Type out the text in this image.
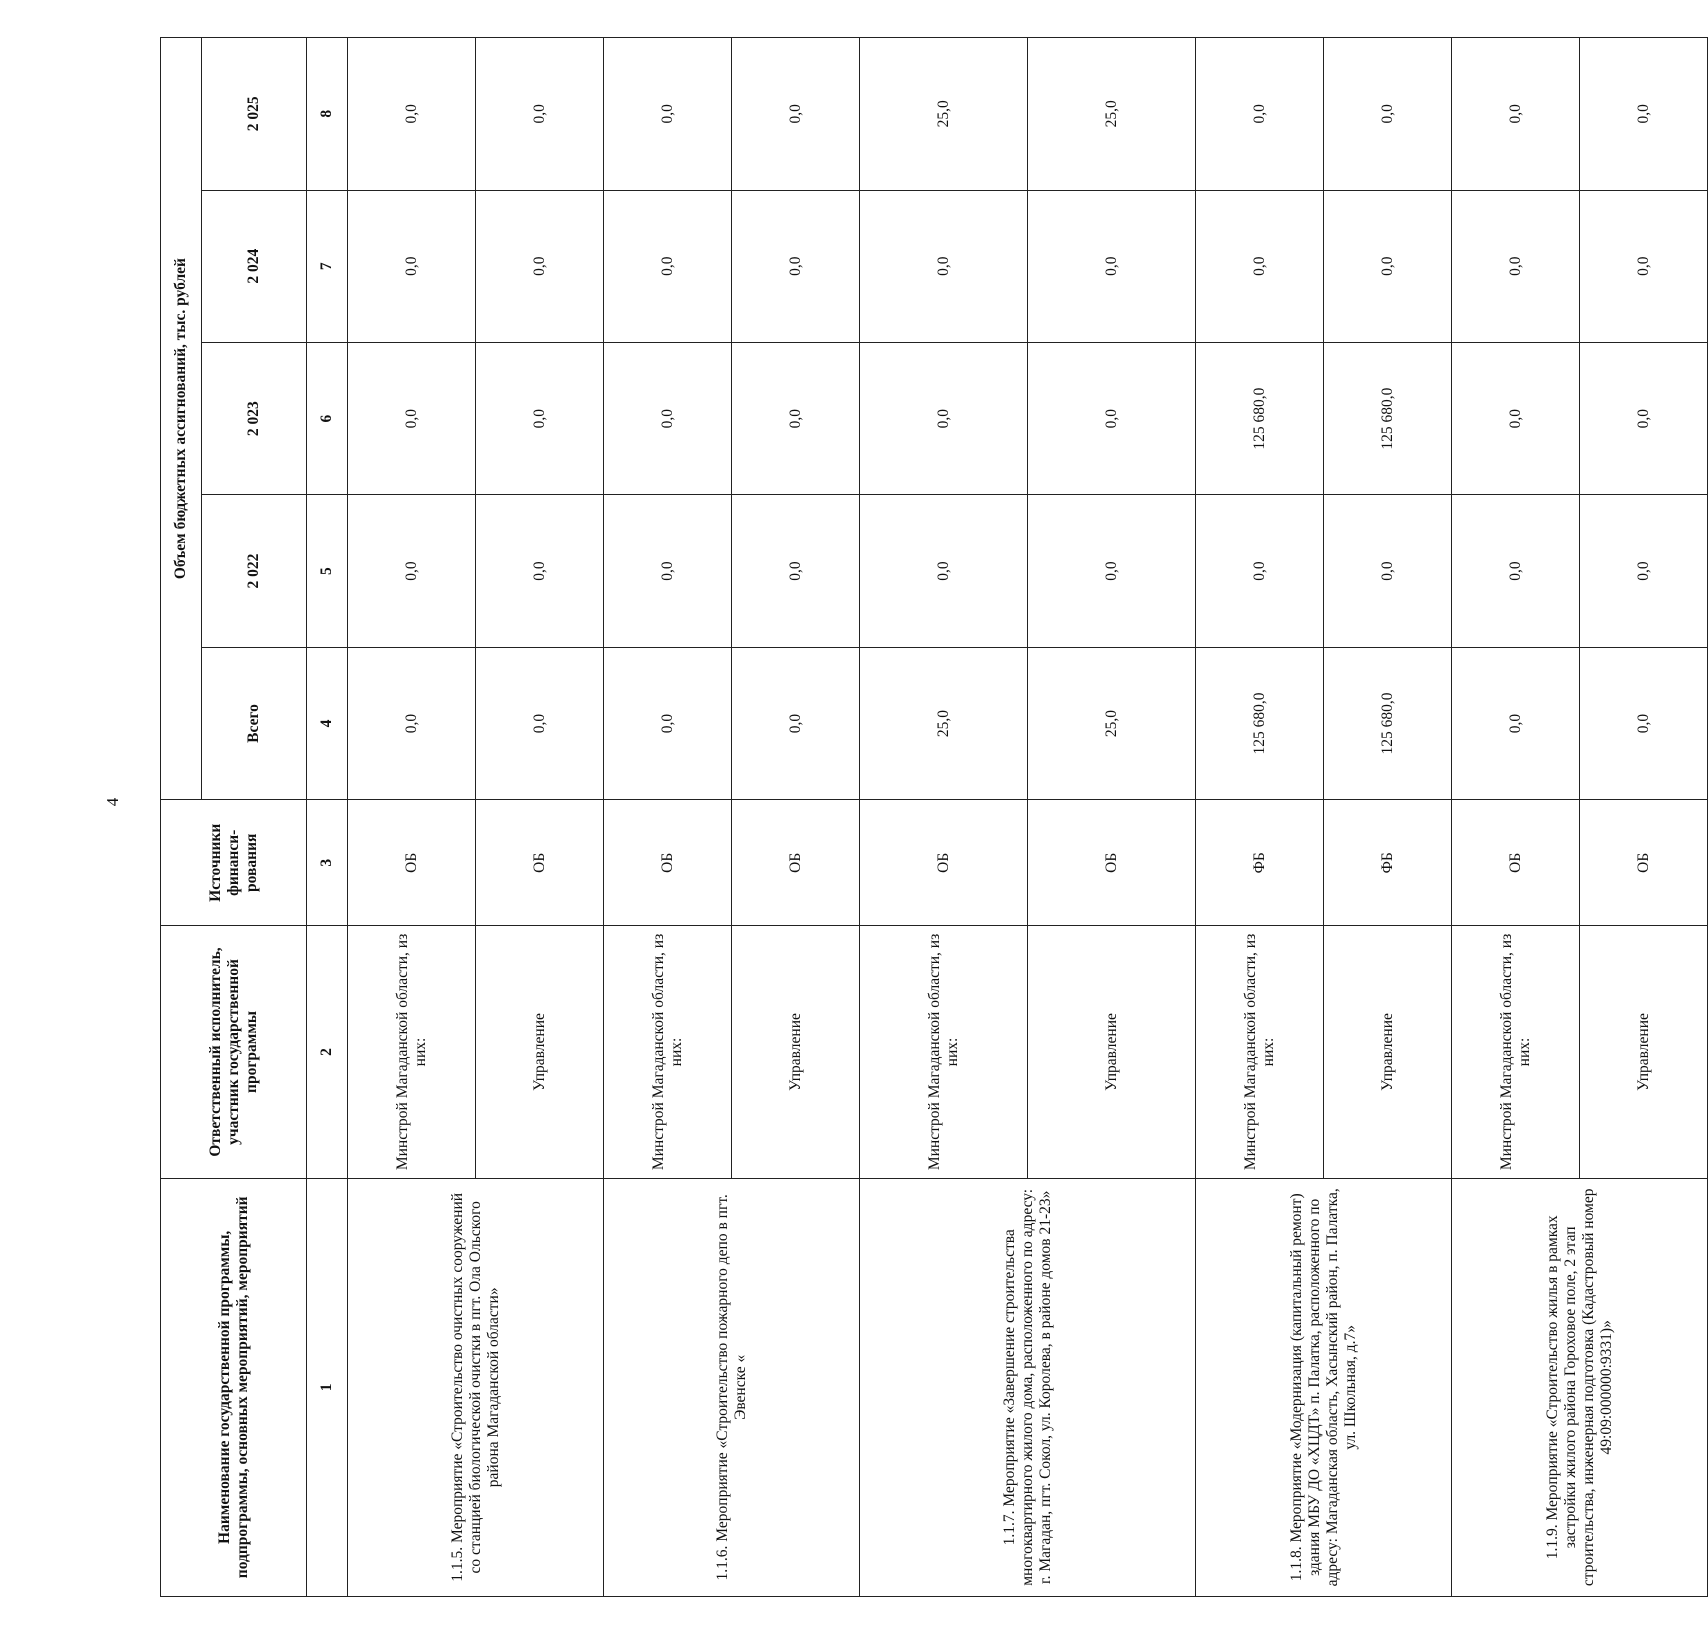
4
Наименование государственной программы, подпрограммы, основных мероприятий, мероприятий	Ответственный исполнитель, участник государственной программы	Источники финанси-рования	Объем бюджетных ассигнований, тыс. рублей				
			Всего	2 022	2 023	2 024	2 025
1	2	3	4	5	6	7	8
1.1.5. Мероприятие «Строительство очистных сооружений со станцией биологической очистки в пгт. Ола Ольского района Магаданской области»	Минстрой Магаданской области, из них:	ОБ	0,0	0,0	0,0	0,0	0,0
	Управление	ОБ	0,0	0,0	0,0	0,0	0,0
1.1.6. Мероприятие «Строительство пожарного депо в пгт. Эвенске «	Минстрой Магаданской области, из них:	ОБ	0,0	0,0	0,0	0,0	0,0
	Управление	ОБ	0,0	0,0	0,0	0,0	0,0
1.1.7. Мероприятие «Завершение строительства многоквартирного жилого дома, расположенного по адресу: г. Магадан, пгт. Сокол, ул. Королева, в районе домов 21-23»	Минстрой Магаданской области, из них:	ОБ	25,0	0,0	0,0	0,0	25,0
	Управление	ОБ	25,0	0,0	0,0	0,0	25,0
1.1.8. Мероприятие «Модернизация (капитальный ремонт) здания МБУ ДО «ХЦДТ» п. Палатка, расположенного по адресу: Магаданская область, Хасынский район, п. Палатка, ул. Школьная, д.7»	Минстрой Магаданской области, из них:	ФБ	125 680,0	0,0	125 680,0	0,0	0,0
	Управление	ФБ	125 680,0	0,0	125 680,0	0,0	0,0
1.1.9. Мероприятие «Строительство жилья в рамках застройки жилого района Гороховое поле, 2 этап строительства, инженерная подготовка (Кадастровый номер 49:09:000000:9331)»	Минстрой Магаданской области, из них:	ОБ	0,0	0,0	0,0	0,0	0,0
	Управление	ОБ	0,0	0,0	0,0	0,0	0,0
